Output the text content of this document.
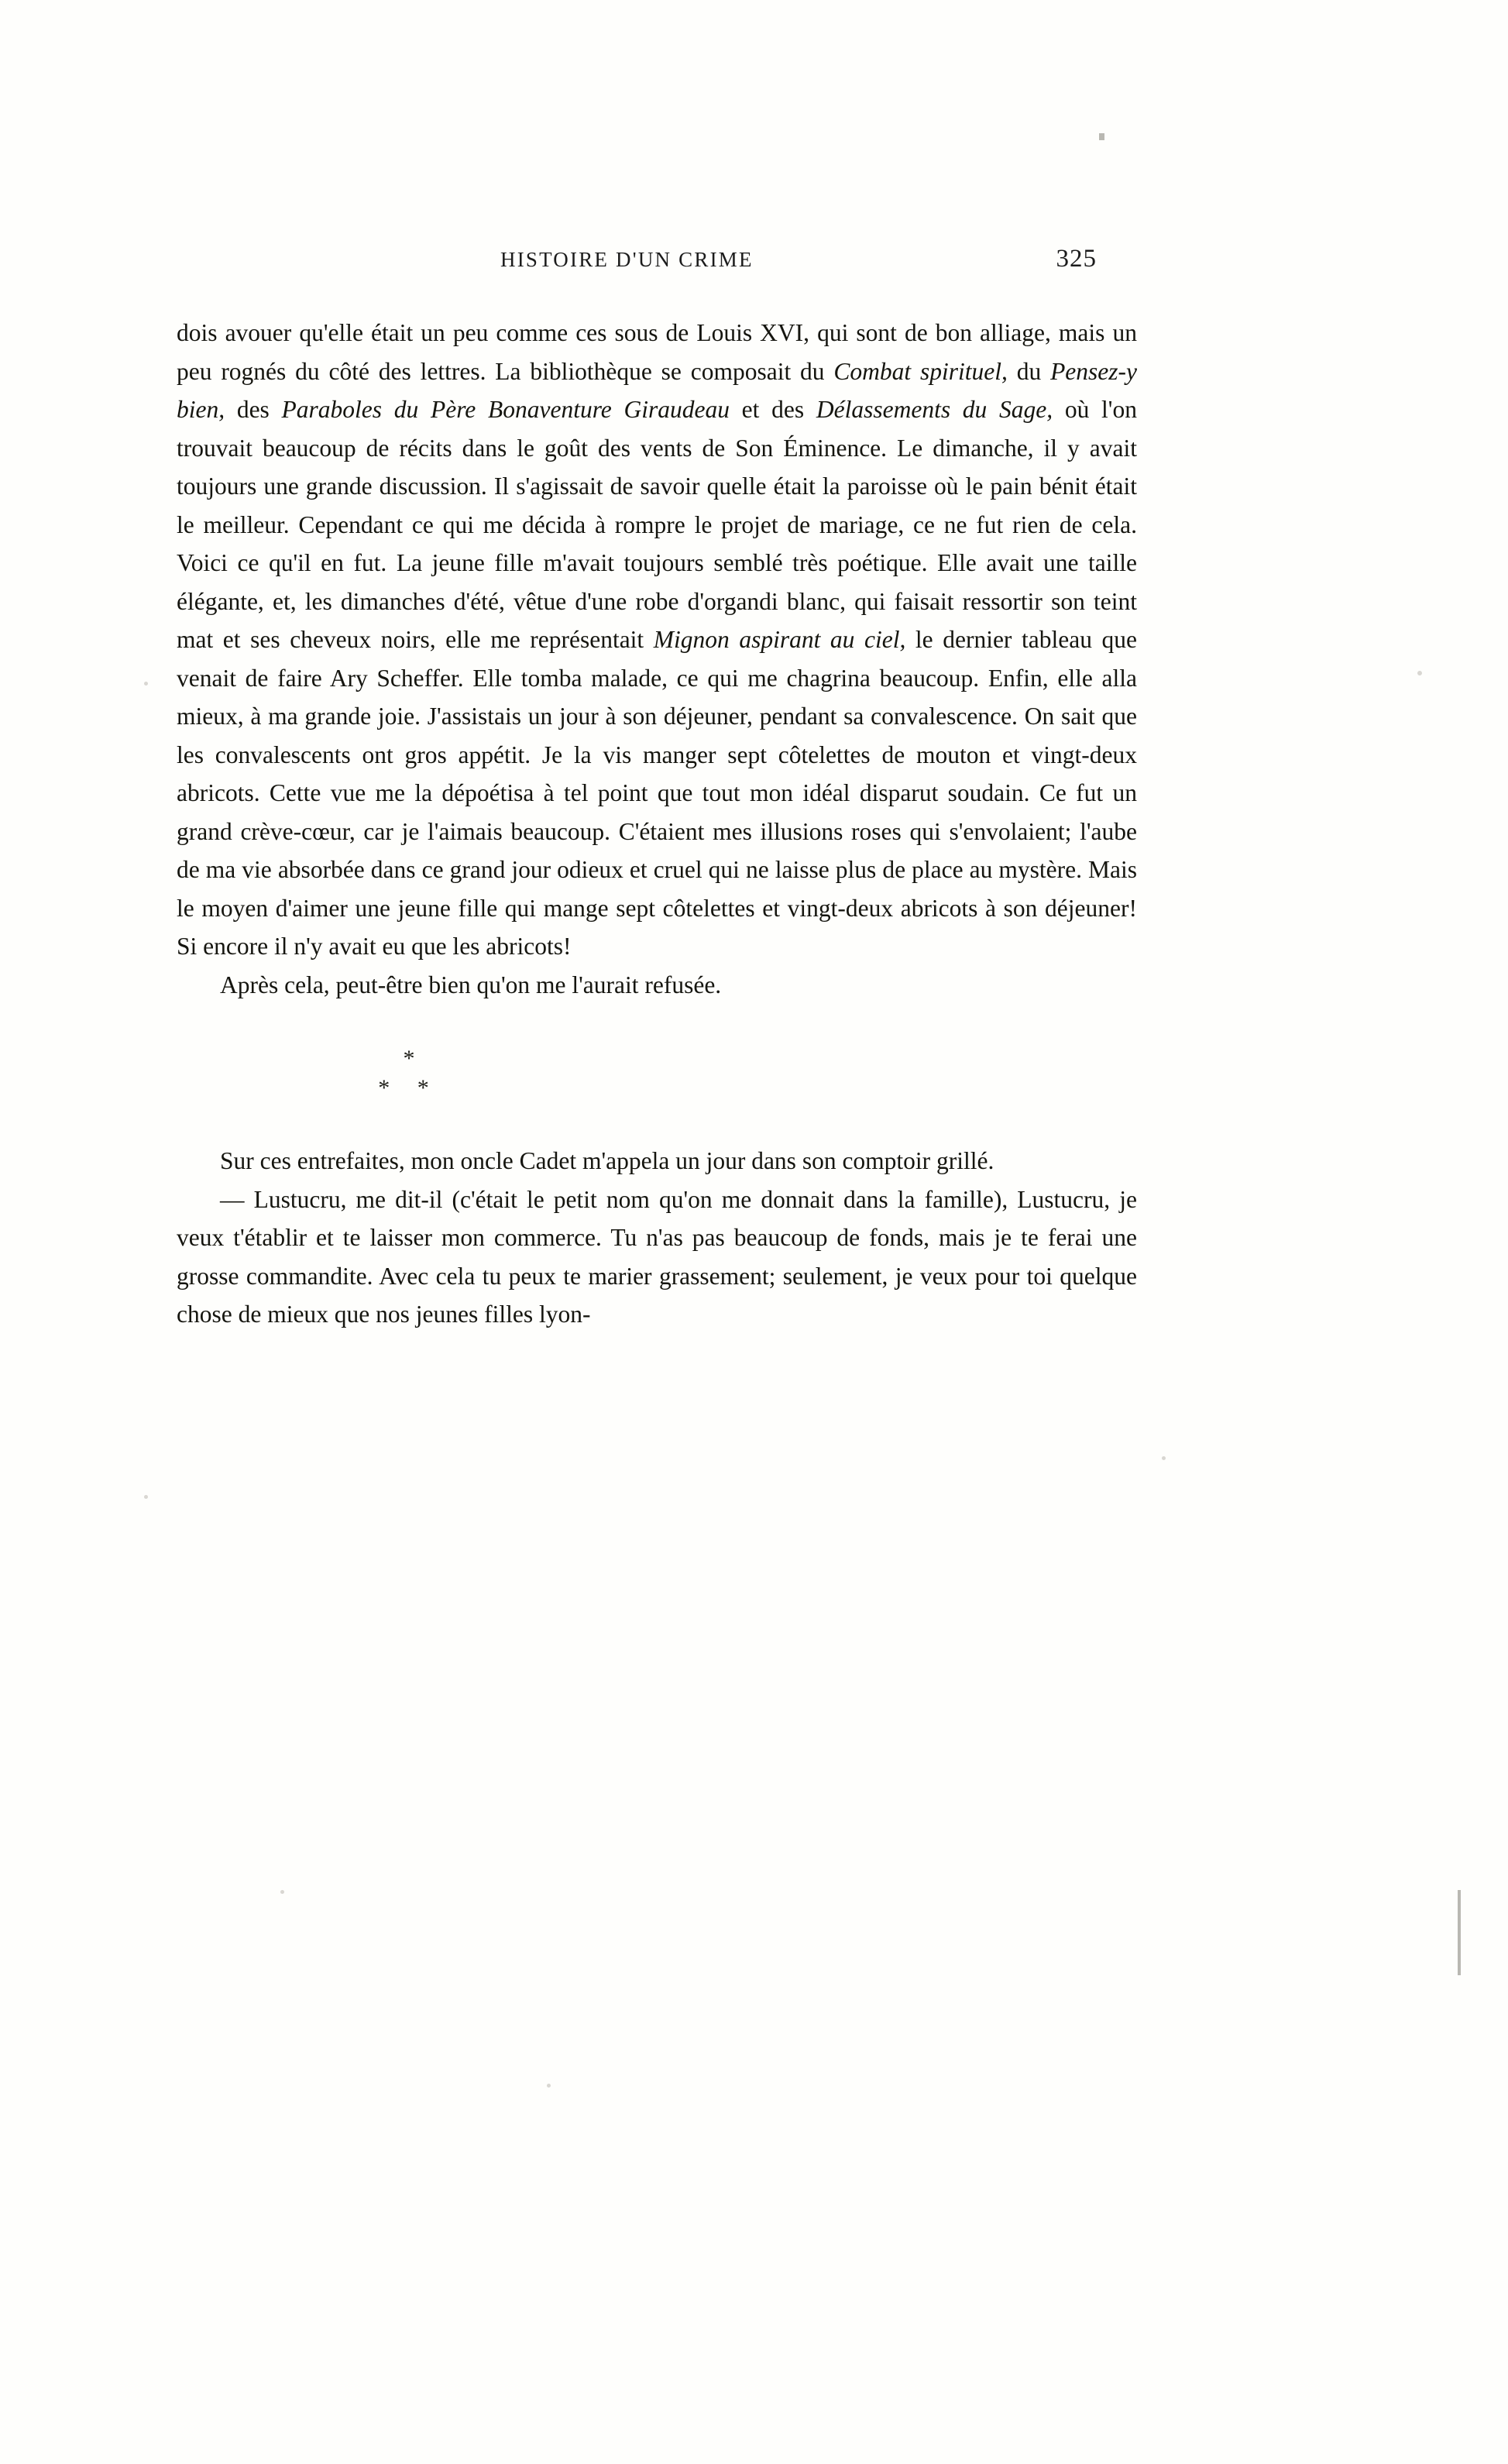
HISTOIRE D'UN CRIME	325

dois avouer qu'elle était un peu comme ces sous de Louis XVI, qui sont de bon alliage, mais un peu rognés du côté des lettres. La bibliothèque se composait du Combat spirituel, du Pensez-y bien, des Paraboles du Père Bonaventure Giraudeau et des Délassements du Sage, où l'on trouvait beaucoup de récits dans le goût des vents de Son Éminence. Le dimanche, il y avait toujours une grande discussion. Il s'agissait de savoir quelle était la paroisse où le pain bénit était le meilleur. Cependant ce qui me décida à rompre le projet de mariage, ce ne fut rien de cela. Voici ce qu'il en fut. La jeune fille m'avait toujours semblé très poétique. Elle avait une taille élégante, et, les dimanches d'été, vêtue d'une robe d'organdi blanc, qui faisait ressortir son teint mat et ses cheveux noirs, elle me représentait Mignon aspirant au ciel, le dernier tableau que venait de faire Ary Scheffer. Elle tomba malade, ce qui me chagrina beaucoup. Enfin, elle alla mieux, à ma grande joie. J'assistais un jour à son déjeuner, pendant sa convalescence. On sait que les convalescents ont gros appétit. Je la vis manger sept côtelettes de mouton et vingt-deux abricots. Cette vue me la dépoétisa à tel point que tout mon idéal disparut soudain. Ce fut un grand crève-cœur, car je l'aimais beaucoup. C'étaient mes illusions roses qui s'envolaient; l'aube de ma vie absorbée dans ce grand jour odieux et cruel qui ne laisse plus de place au mystère. Mais le moyen d'aimer une jeune fille qui mange sept côtelettes et vingt-deux abricots à son déjeuner! Si encore il n'y avait eu que les abricots!

Après cela, peut-être bien qu'on me l'aurait refusée.

*
* *

Sur ces entrefaites, mon oncle Cadet m'appela un jour dans son comptoir grillé.

— Lustucru, me dit-il (c'était le petit nom qu'on me donnait dans la famille), Lustucru, je veux t'établir et te laisser mon commerce. Tu n'as pas beaucoup de fonds, mais je te ferai une grosse commandite. Avec cela tu peux te marier grassement; seulement, je veux pour toi quelque chose de mieux que nos jeunes filles lyon-
